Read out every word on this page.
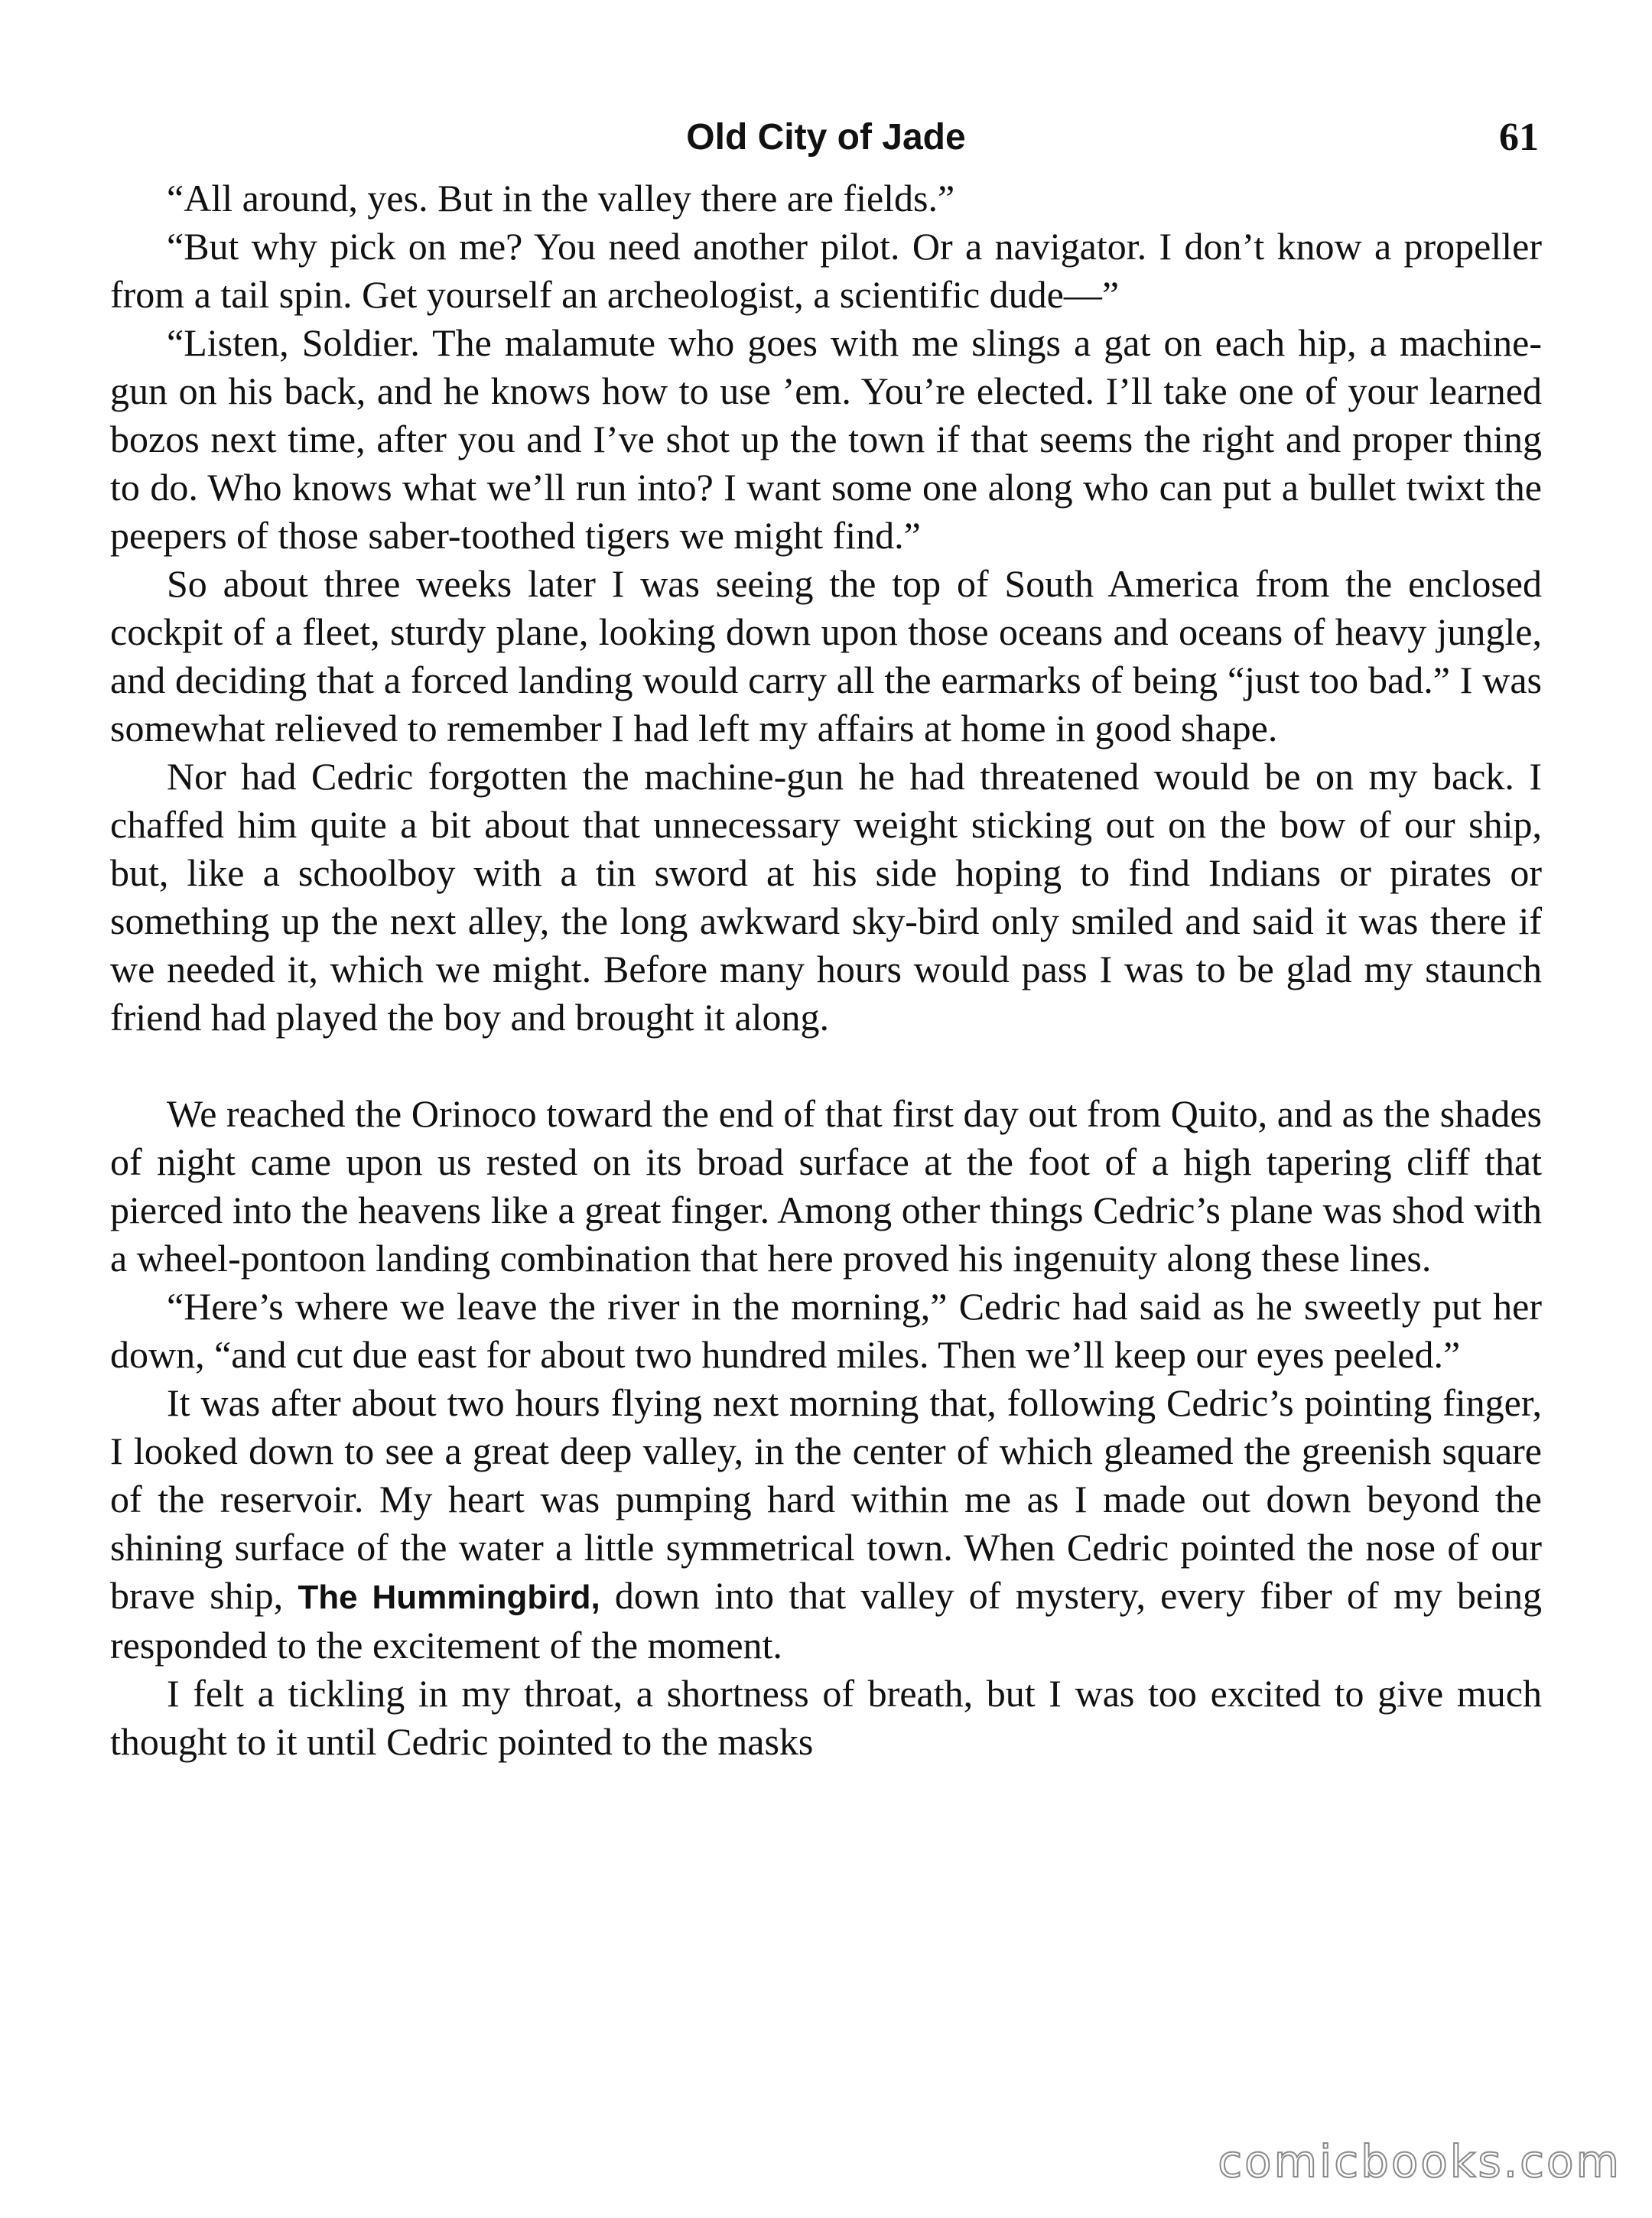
Old City of Jade	61

“All around, yes. But in the valley there are fields.”

“But why pick on me? You need another pilot. Or a navigator. I don’t know a propeller from a tail spin. Get yourself an archeologist, a scientific dude—”

“Listen, Soldier. The malamute who goes with me slings a gat on each hip, a machine-gun on his back, and he knows how to use ’em. You’re elected. I’ll take one of your learned bozos next time, after you and I’ve shot up the town if that seems the right and proper thing to do. Who knows what we’ll run into? I want some one along who can put a bullet twixt the peepers of those saber-toothed tigers we might find.”

So about three weeks later I was seeing the top of South America from the enclosed cockpit of a fleet, sturdy plane, looking down upon those oceans and oceans of heavy jungle, and deciding that a forced landing would carry all the earmarks of being “just too bad.” I was somewhat relieved to remember I had left my affairs at home in good shape.

Nor had Cedric forgotten the machine-gun he had threatened would be on my back. I chaffed him quite a bit about that unnecessary weight sticking out on the bow of our ship, but, like a schoolboy with a tin sword at his side hoping to find Indians or pirates or something up the next alley, the long awkward sky-bird only smiled and said it was there if we needed it, which we might. Before many hours would pass I was to be glad my staunch friend had played the boy and brought it along.

We reached the Orinoco toward the end of that first day out from Quito, and as the shades of night came upon us rested on its broad surface at the foot of a high tapering cliff that pierced into the heavens like a great finger. Among other things Cedric’s plane was shod with a wheel-pontoon landing combination that here proved his ingenuity along these lines.

“Here’s where we leave the river in the morning,” Cedric had said as he sweetly put her down, “and cut due east for about two hundred miles. Then we’ll keep our eyes peeled.”

It was after about two hours flying next morning that, following Cedric’s pointing finger, I looked down to see a great deep valley, in the center of which gleamed the greenish square of the reservoir. My heart was pumping hard within me as I made out down beyond the shining surface of the water a little symmetrical town. When Cedric pointed the nose of our brave ship, The Hummingbird, down into that valley of mystery, every fiber of my being responded to the excitement of the moment.

I felt a tickling in my throat, a shortness of breath, but I was too excited to give much thought to it until Cedric pointed to the masks

comicbooks.com
